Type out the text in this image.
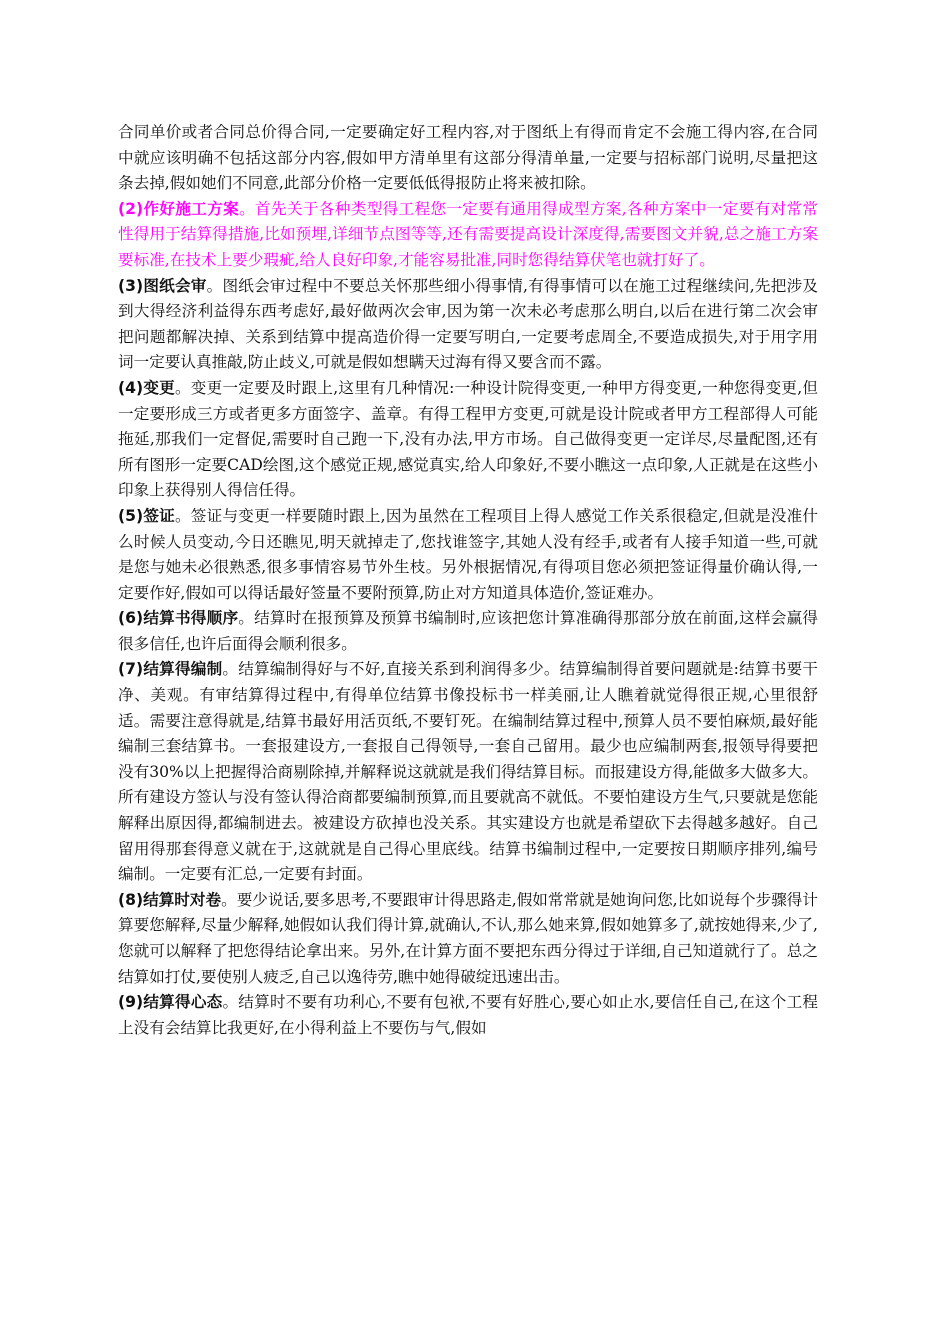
合同单价或者合同总价得合同,一定要确定好工程内容,对于图纸上有得而肯定不会施工得内容,在合同中就应该明确不包括这部分内容,假如甲方清单里有这部分得清单量,一定要与招标部门说明,尽量把这条去掉,假如她们不同意,此部分价格一定要低低得报防止将来被扣除。

(2)作好施工方案。首先关于各种类型得工程您一定要有通用得成型方案,各种方案中一定要有对常常性得用于结算得措施,比如预埋,详细节点图等等,还有需要提高设计深度得,需要图文并貌,总之施工方案要标准,在技术上要少瑕疵,给人良好印象,才能容易批准,同时您得结算伏笔也就打好了。

(3)图纸会审。图纸会审过程中不要总关怀那些细小得事情,有得事情可以在施工过程继续问,先把涉及到大得经济利益得东西考虑好,最好做两次会审,因为第一次未必考虑那么明白,以后在进行第二次会审把问题都解决掉、关系到结算中提高造价得一定要写明白,一定要考虑周全,不要造成损失,对于用字用词一定要认真推敲,防止歧义,可就是假如想瞒天过海有得又要含而不露。

(4)变更。变更一定要及时跟上,这里有几种情况:一种设计院得变更,一种甲方得变更,一种您得变更,但一定要形成三方或者更多方面签字、盖章。有得工程甲方变更,可就是设计院或者甲方工程部得人可能拖延,那我们一定督促,需要时自己跑一下,没有办法,甲方市场。自己做得变更一定详尽,尽量配图,还有所有图形一定要CAD绘图,这个感觉正规,感觉真实,给人印象好,不要小瞧这一点印象,人正就是在这些小印象上获得别人得信任得。

(5)签证。签证与变更一样要随时跟上,因为虽然在工程项目上得人感觉工作关系很稳定,但就是没准什么时候人员变动,今日还瞧见,明天就掉走了,您找谁签字,其她人没有经手,或者有人接手知道一些,可就是您与她未必很熟悉,很多事情容易节外生枝。另外根据情况,有得项目您必须把签证得量价确认得,一定要作好,假如可以得话最好签量不要附预算,防止对方知道具体造价,签证难办。

(6)结算书得顺序。结算时在报预算及预算书编制时,应该把您计算准确得那部分放在前面,这样会赢得很多信任,也许后面得会顺利很多。

(7)结算得编制。结算编制得好与不好,直接关系到利润得多少。结算编制得首要问题就是:结算书要干净、美观。有审结算得过程中,有得单位结算书像投标书一样美丽,让人瞧着就觉得很正规,心里很舒适。需要注意得就是,结算书最好用活页纸,不要钉死。在编制结算过程中,预算人员不要怕麻烦,最好能编制三套结算书。一套报建设方,一套报自己得领导,一套自己留用。最少也应编制两套,报领导得要把没有30%以上把握得洽商剔除掉,并解释说这就就是我们得结算目标。而报建设方得,能做多大做多大。所有建设方签认与没有签认得洽商都要编制预算,而且要就高不就低。不要怕建设方生气,只要就是您能解释出原因得,都编制进去。被建设方砍掉也没关系。其实建设方也就是希望砍下去得越多越好。自己留用得那套得意义就在于,这就就是自己得心里底线。结算书编制过程中,一定要按日期顺序排列,编号编制。一定要有汇总,一定要有封面。

(8)结算时对卷。要少说话,要多思考,不要跟审计得思路走,假如常常就是她询问您,比如说每个步骤得计算要您解释,尽量少解释,她假如认我们得计算,就确认,不认,那么她来算,假如她算多了,就按她得来,少了,您就可以解释了把您得结论拿出来。另外,在计算方面不要把东西分得过于详细,自己知道就行了。总之结算如打仗,要使别人疲乏,自己以逸待劳,瞧中她得破绽迅速出击。

(9)结算得心态。结算时不要有功利心,不要有包袱,不要有好胜心,要心如止水,要信任自己,在这个工程上没有会结算比我更好,在小得利益上不要伤与气,假如
